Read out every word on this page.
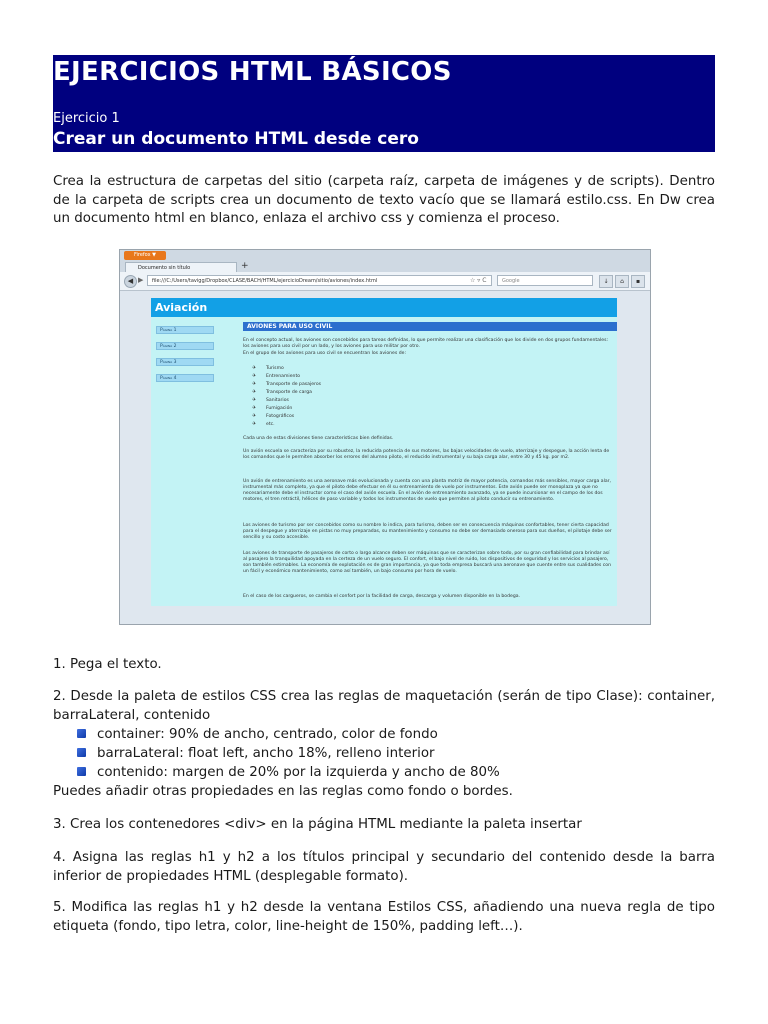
EJERCICIOS HTML BÁSICOS
Ejercicio 1
Crear un documento HTML desde cero
Crea la estructura de carpetas del sitio (carpeta raíz, carpeta de imágenes y de scripts). Dentro de la carpeta de scripts crea un documento de texto vacío que se llamará estilo.css. En Dw crea un documento html en blanco, enlaza el archivo css y comienza el proceso.
Firefox ▼
Documento sin título	+
◀ ▶	file:///C:/Users/tavigg/Dropbox/CLASE/BACH/HTML/ejercicioDream/sitio/aviones/index.html	☆ ▿ C	Google	↓	⌂	▪
Aviación
Página 1
Página 2
Página 3
Página 4
AVIONES PARA USO CIVIL
En el concepto actual, los aviones son concebidos para tareas definidas, lo que permite realizar una clasificación que los divide en dos grupos fundamentales: los aviones para uso civil por un lado, y los aviones para uso militar por otro.
En el grupo de los aviones para uso civil se encuentran los aviones de:
✈ Turismo
✈ Entrenamiento
✈ Transporte de pasajeros
✈ Transporte de carga
✈ Sanitarios
✈ Fumigación
✈ Fotográficos
✈ etc.
Cada una de estas divisiones tiene características bien definidas.
Un avión escuela se caracteriza por su robustez, la reducida potencia de sus motores, las bajas velocidades de vuelo, aterrizaje y despegue, la acción lenta de los comandos que le permiten absorber los errores del alumno piloto, el reducido instrumental y su baja carga alar, entre 30 y 45 kg. por m2.
Un avión de entrenamiento es una aeronave más evolucionada y cuenta con una planta motriz de mayor potencia, comandos más sensibles, mayor carga alar, instrumental más completo, ya que el piloto debe efectuar en él su entrenamiento de vuelo por instrumentos. Este avión puede ser monoplaza ya que no necesariamente debe el instructor como el caso del avión escuela. En el avión de entrenamiento avanzado, ya se puede incursionar en el campo de los dos motores, el tren retráctil, hélices de paso variable y todos los instrumentos de vuelo que permiten al piloto conducir su entrenamiento.
Los aviones de turismo por ser concebidos como su nombre lo indica, para turismo, deben ser en consecuencia máquinas confortables, tener cierta capacidad para el despegue y aterrizaje en pistas no muy preparadas, su mantenimiento y consumo no debe ser demasiado oneroso para sus dueños, el pilotaje debe ser sencillo y su costo accesible.
Los aviones de transporte de pasajeros de corto o largo alcance deben ser máquinas que se caracterizan sobre todo, por su gran confiabilidad para brindar así al pasajero la tranquilidad apoyada en la certeza de un vuelo seguro. El confort, el bajo nivel de ruido, los dispositivos de seguridad y los servicios al pasajero, son también estimables. La economía de explotación es de gran importancia, ya que toda empresa buscará una aeronave que cuente entre sus cualidades con un fácil y económico mantenimiento, como así también, un bajo consumo por hora de vuelo.
En el caso de los cargueros, se cambia el confort por la facilidad de carga, descarga y volumen disponible en la bodega.
1. Pega el texto.
2. Desde la paleta de estilos CSS crea las reglas de maquetación (serán de tipo Clase): container, barraLateral, contenido
container: 90% de ancho, centrado, color de fondo
barraLateral: float left, ancho 18%, relleno interior
contenido: margen de 20% por la izquierda y ancho de 80%
Puedes añadir otras propiedades en las reglas como fondo o bordes.
3. Crea los contenedores <div> en la página HTML mediante la paleta insertar
4. Asigna las reglas h1 y h2 a los títulos principal y secundario del contenido desde la barra inferior de propiedades HTML (desplegable formato).
5. Modifica las reglas h1 y h2 desde la ventana Estilos CSS, añadiendo una nueva regla de tipo etiqueta (fondo, tipo letra, color, line-height de 150%, padding left…).
